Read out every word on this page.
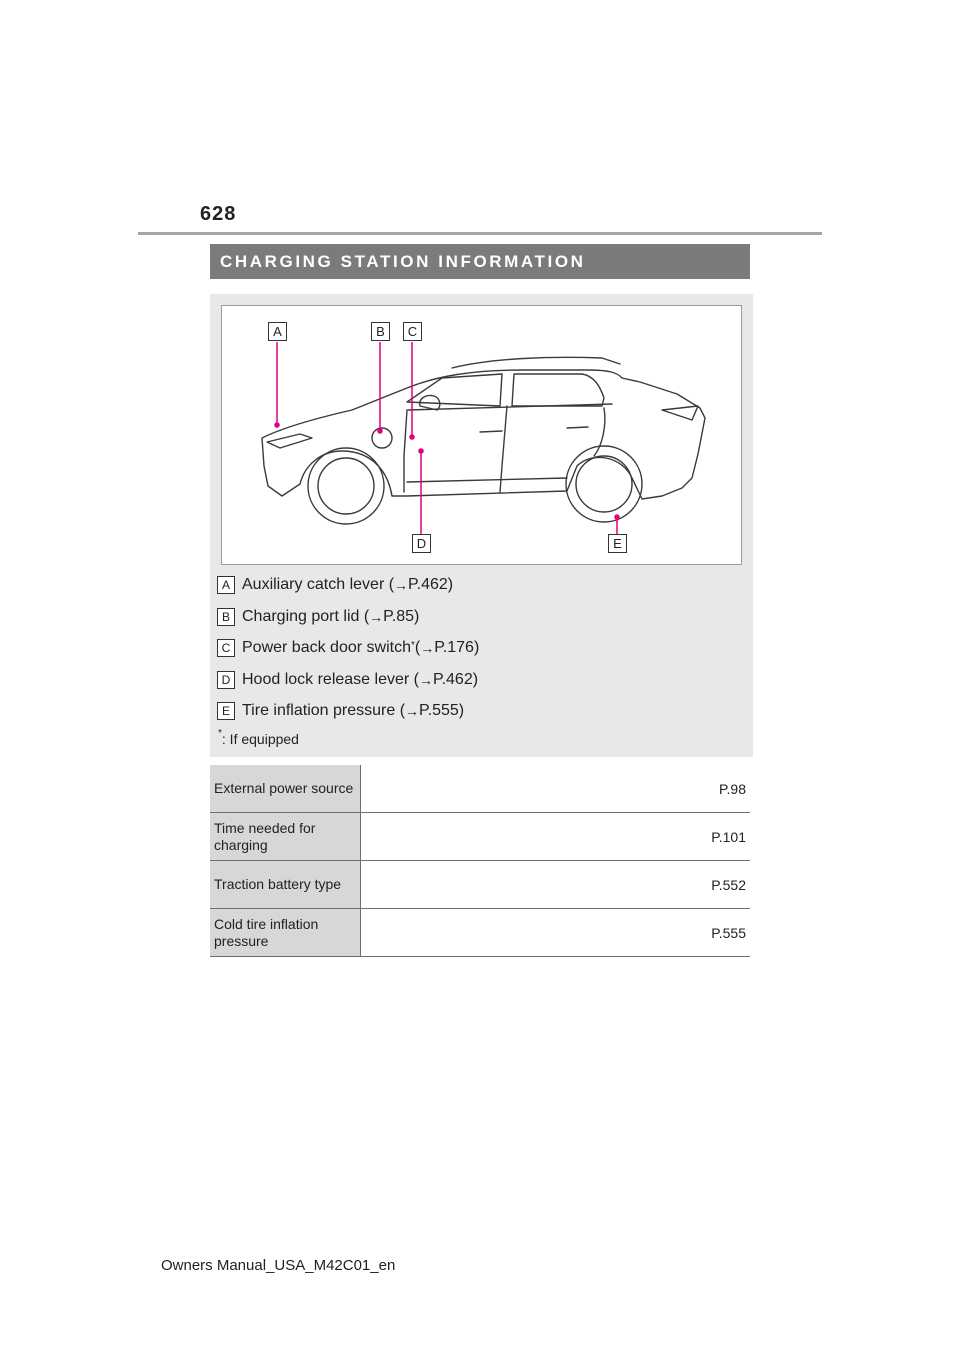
628
CHARGING STATION INFORMATION
A	B	C
D	E
A Auxiliary catch lever ( → P.462)
B Charging port lid ( → P.85)
C Power back door switch * ( → P.176)
D Hood lock release lever ( → P.462)
E Tire inflation pressure ( → P.555)
*: If equipped
External power source	P.98
Time needed for charging	P.101
Traction battery type	P.552
Cold tire inflation pressure	P.555
Owners Manual_USA_M42C01_en
